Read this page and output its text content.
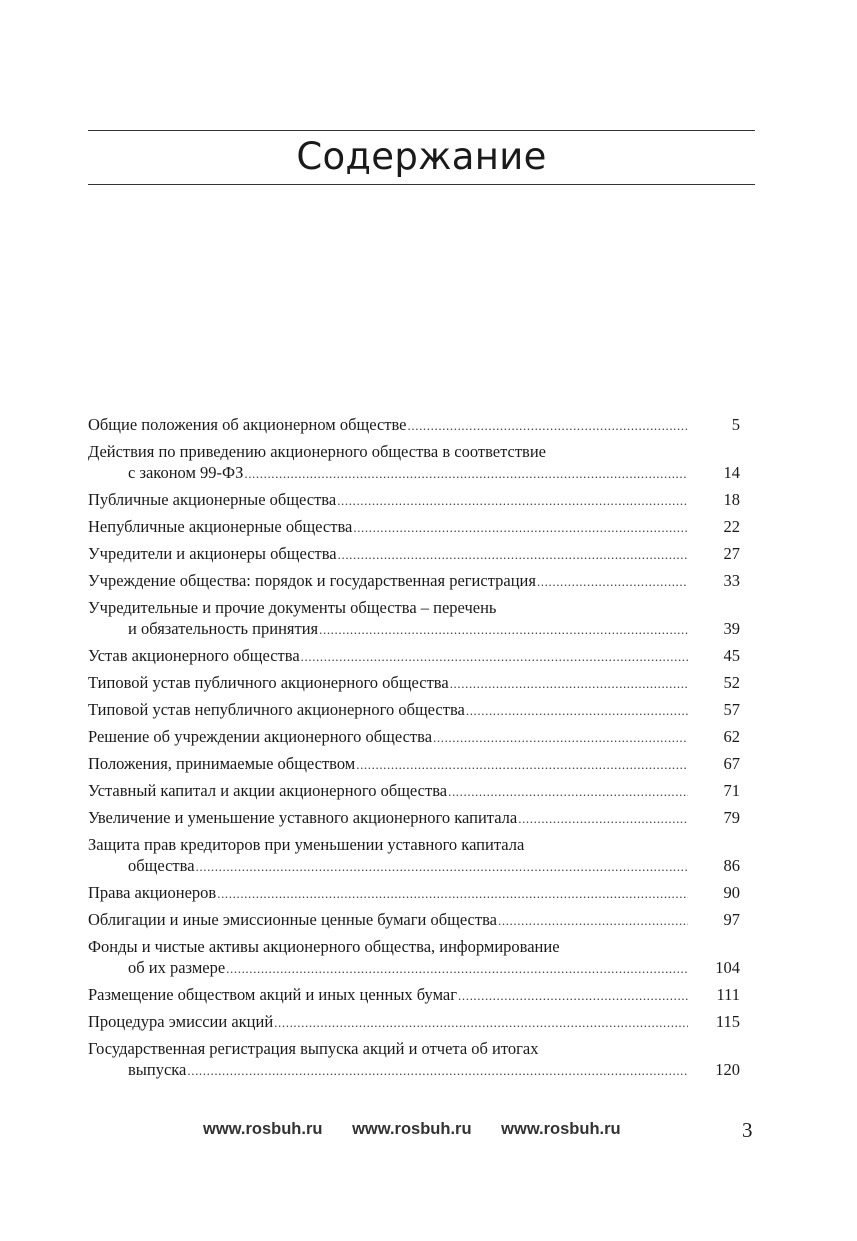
Содержание
Общие положения об акционерном обществе .....	5
Действия по приведению акционерного общества в соответствие
с законом 99-ФЗ .....	14
Публичные акционерные общества .....	18
Непубличные акционерные общества .....	22
Учредители и акционеры общества .....	27
Учреждение общества: порядок и государственная регистрация .....	33
Учредительные и прочие документы общества – перечень
и обязательность принятия .....	39
Устав акционерного общества .....	45
Типовой устав публичного акционерного общества .....	52
Типовой устав непубличного акционерного общества .....	57
Решение об учреждении акционерного общества .....	62
Положения, принимаемые обществом .....	67
Уставный капитал и акции акционерного общества .....	71
Увеличение и уменьшение уставного акционерного капитала .....	79
Защита прав кредиторов при уменьшении уставного капитала
общества .....	86
Права акционеров .....	90
Облигации и иные эмиссионные ценные бумаги общества .....	97
Фонды и чистые активы акционерного общества, информирование
об их размере .....	104
Размещение обществом акций и иных ценных бумаг .....	111
Процедура эмиссии акций .....	115
Государственная регистрация выпуска акций и отчета об итогах
выпуска .....	120
www.rosbuh.ru www.rosbuh.ru www.rosbuh.ru	3
